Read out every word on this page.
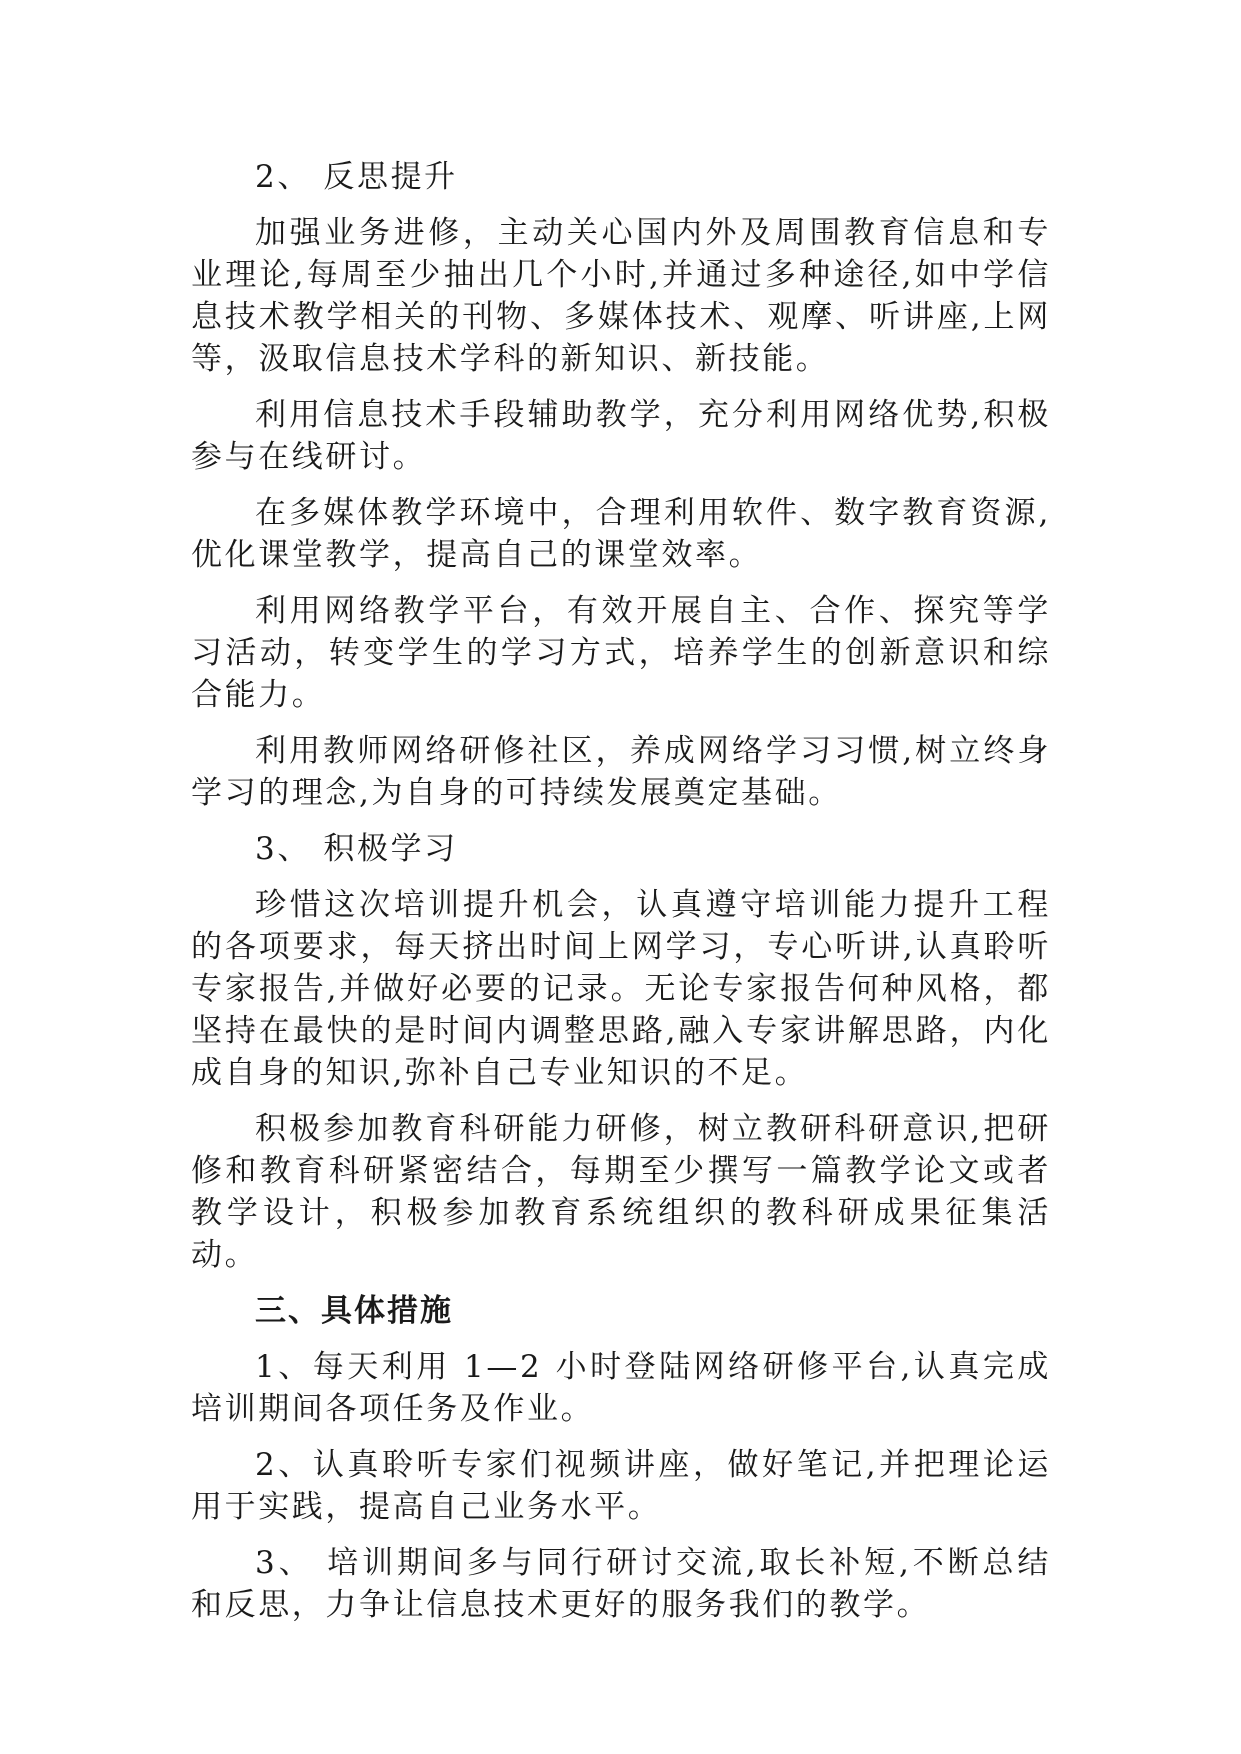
2、 反思提升

加强业务进修，主动关心国内外及周围教育信息和专业理论,每周至少抽出几个小时,并通过多种途径,如中学信息技术教学相关的刊物、多媒体技术、观摩、听讲座,上网等，汲取信息技术学科的新知识、新技能。

利用信息技术手段辅助教学，充分利用网络优势,积极参与在线研讨。

在多媒体教学环境中，合理利用软件、数字教育资源,优化课堂教学，提高自己的课堂效率。

利用网络教学平台，有效开展自主、合作、探究等学习活动，转变学生的学习方式，培养学生的创新意识和综合能力。

利用教师网络研修社区，养成网络学习习惯,树立终身学习的理念,为自身的可持续发展奠定基础。

3、 积极学习

珍惜这次培训提升机会，认真遵守培训能力提升工程的各项要求，每天挤出时间上网学习，专心听讲,认真聆听专家报告,并做好必要的记录。无论专家报告何种风格，都坚持在最快的是时间内调整思路,融入专家讲解思路，内化成自身的知识,弥补自己专业知识的不足。

积极参加教育科研能力研修，树立教研科研意识,把研修和教育科研紧密结合，每期至少撰写一篇教学论文或者教学设计，积极参加教育系统组织的教科研成果征集活动。

三、具体措施

1、每天利用 1—2 小时登陆网络研修平台,认真完成培训期间各项任务及作业。

2、认真聆听专家们视频讲座，做好笔记,并把理论运用于实践，提高自己业务水平。

3、 培训期间多与同行研讨交流,取长补短,不断总结和反思，力争让信息技术更好的服务我们的教学。
